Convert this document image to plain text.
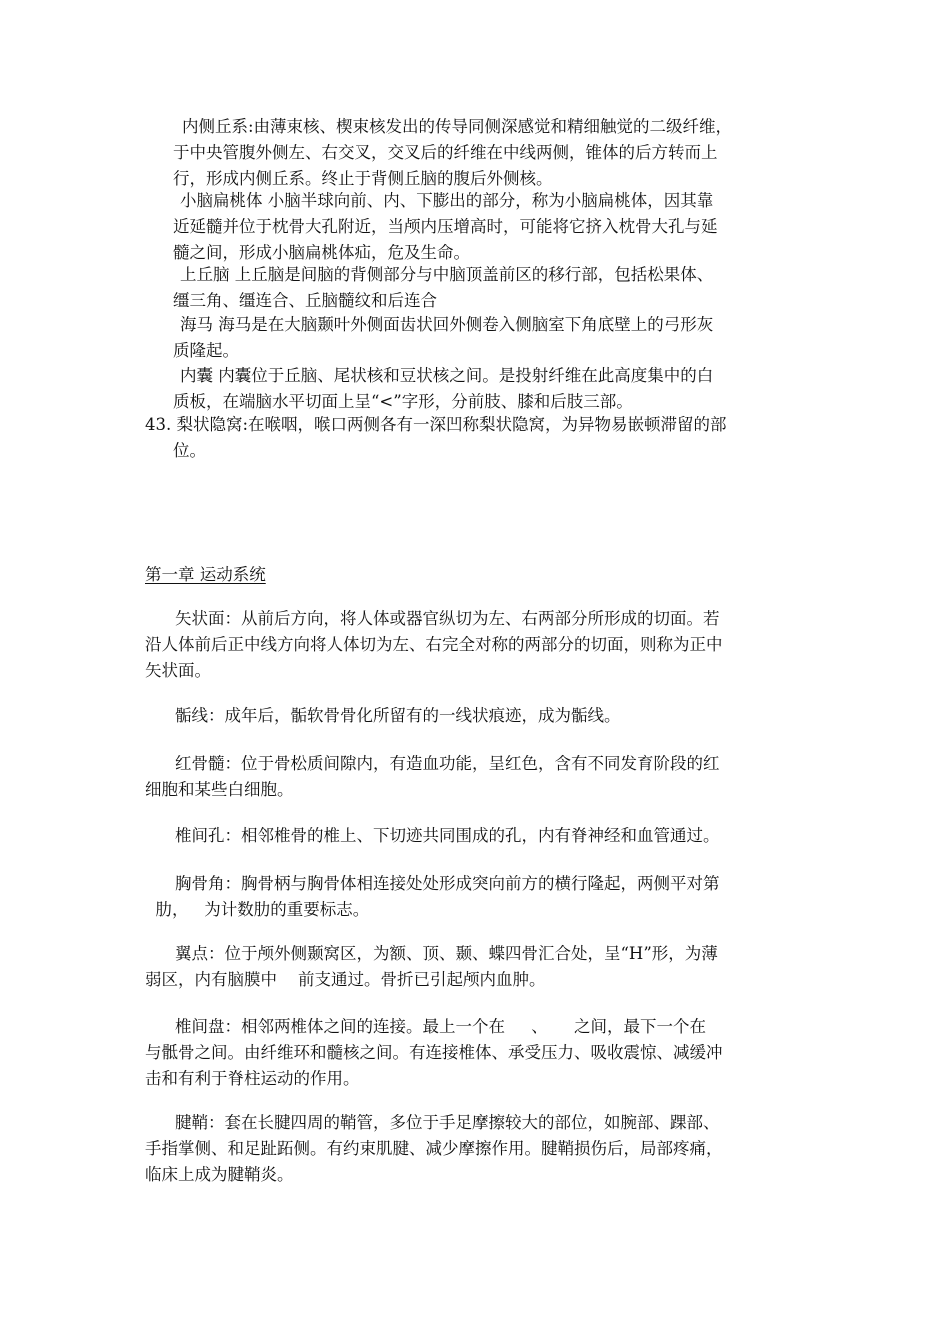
内侧丘系:由薄束核、楔束核发出的传导同侧深感觉和精细触觉的二级纤维，
于中央管腹外侧左、右交叉，交叉后的纤维在中线两侧，锥体的后方转而上
行，形成内侧丘系。终止于背侧丘脑的腹后外侧核。
小脑扁桃体 小脑半球向前、内、下膨出的部分，称为小脑扁桃体，因其靠
近延髓并位于枕骨大孔附近，当颅内压增高时，可能将它挤入枕骨大孔与延
髓之间，形成小脑扁桃体疝，危及生命。
上丘脑 上丘脑是间脑的背侧部分与中脑顶盖前区的移行部，包括松果体、
缰三角、缰连合、丘脑髓纹和后连合
海马 海马是在大脑颞叶外侧面齿状回外侧卷入侧脑室下角底壁上的弓形灰
质隆起。
内囊 内囊位于丘脑、尾状核和豆状核之间。是投射纤维在此高度集中的白
质板，在端脑水平切面上呈“<”字形，分前肢、膝和后肢三部。
43. 梨状隐窝:在喉咽，喉口两侧各有一深凹称梨状隐窝，为异物易嵌顿滞留的部
位。
第一章 运动系统
矢状面：从前后方向，将人体或器官纵切为左、右两部分所形成的切面。若
沿人体前后正中线方向将人体切为左、右完全对称的两部分的切面，则称为正中
矢状面。
骺线：成年后，骺软骨骨化所留有的一线状痕迹，成为骺线。
红骨髓：位于骨松质间隙内，有造血功能，呈红色，含有不同发育阶段的红
细胞和某些白细胞。
椎间孔：相邻椎骨的椎上、下切迹共同围成的孔，内有脊神经和血管通过。
胸骨角：胸骨柄与胸骨体相连接处处形成突向前方的横行隆起，两侧平对第
肋，   为计数肋的重要标志。
翼点：位于颅外侧颞窝区，为额、顶、颞、蝶四骨汇合处，呈“H”形，为薄
弱区，内有脑膜中    前支通过。骨折已引起颅内血肿。
椎间盘：相邻两椎体之间的连接。最上一个在     、     之间，最下一个在
与骶骨之间。由纤维环和髓核之间。有连接椎体、承受压力、吸收震惊、减缓冲
击和有利于脊柱运动的作用。
腱鞘：套在长腱四周的鞘管，多位于手足摩擦较大的部位，如腕部、踝部、
手指掌侧、和足趾跖侧。有约束肌腱、减少摩擦作用。腱鞘损伤后，局部疼痛，
临床上成为腱鞘炎。
